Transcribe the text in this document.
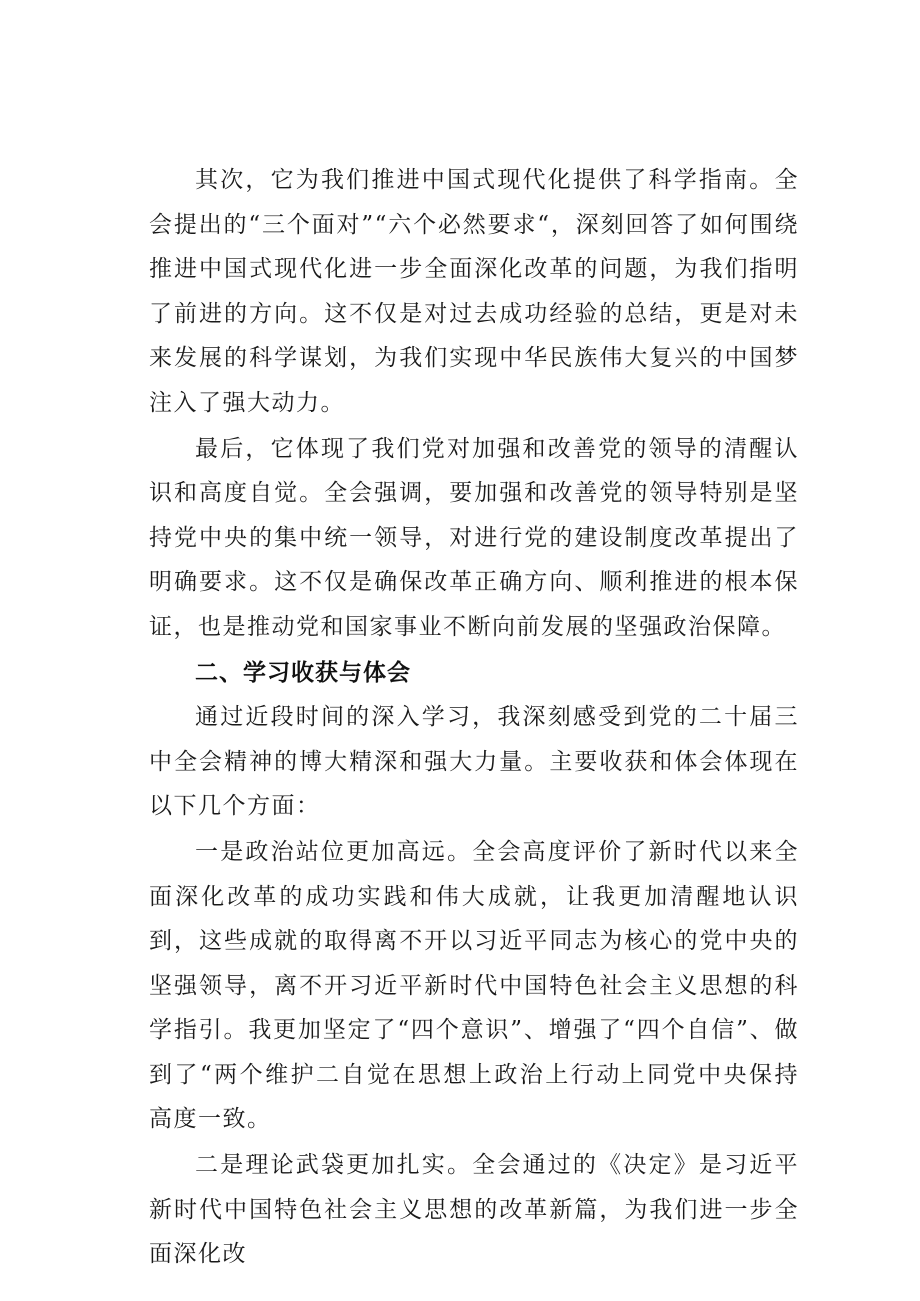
其次，它为我们推进中国式现代化提供了科学指南。全会提出的“三个面对”“六个必然要求“，深刻回答了如何围绕推进中国式现代化进一步全面深化改革的问题，为我们指明了前进的方向。这不仅是对过去成功经验的总结，更是对未来发展的科学谋划，为我们实现中华民族伟大复兴的中国梦注入了强大动力。

最后，它体现了我们党对加强和改善党的领导的清醒认识和高度自觉。全会强调，要加强和改善党的领导特别是坚持党中央的集中统一领导，对进行党的建设制度改革提出了明确要求。这不仅是确保改革正确方向、顺利推进的根本保证，也是推动党和国家事业不断向前发展的坚强政治保障。

二、学习收获与体会

通过近段时间的深入学习，我深刻感受到党的二十届三中全会精神的博大精深和强大力量。主要收获和体会体现在以下几个方面：

一是政治站位更加高远。全会高度评价了新时代以来全面深化改革的成功实践和伟大成就，让我更加清醒地认识到，这些成就的取得离不开以习近平同志为核心的党中央的坚强领导，离不开习近平新时代中国特色社会主义思想的科学指引。我更加坚定了“四个意识”、增强了“四个自信”、做到了“两个维护二自觉在思想上政治上行动上同党中央保持高度一致。

二是理论武袋更加扎实。全会通过的《决定》是习近平新时代中国特色社会主义思想的改革新篇，为我们进一步全面深化改
